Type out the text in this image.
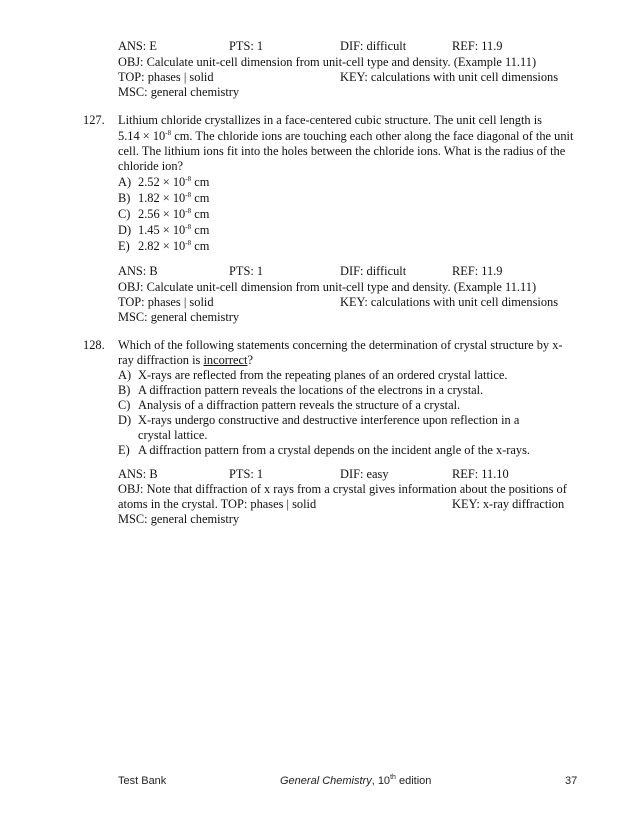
ANS: E	PTS: 1	DIF: difficult	REF: 11.9
OBJ: Calculate unit-cell dimension from unit-cell type and density. (Example 11.11)
TOP: phases | solid	KEY: calculations with unit cell dimensions
MSC: general chemistry
127. Lithium chloride crystallizes in a face-centered cubic structure. The unit cell length is
$5.14 \times 10^{-8}$ cm. The chloride ions are touching each other along the face diagonal of the unit
cell. The lithium ions fit into the holes between the chloride ions. What is the radius of the
chloride ion?
A) $2.52 \times 10^{-8}$ cm
B) $1.82 \times 10^{-8}$ cm
C) $2.56 \times 10^{-8}$ cm
D) $1.45 \times 10^{-8}$ cm
E) $2.82 \times 10^{-8}$ cm
ANS: B	PTS: 1	DIF: difficult	REF: 11.9
OBJ: Calculate unit-cell dimension from unit-cell type and density. (Example 11.11)
TOP: phases | solid	KEY: calculations with unit cell dimensions
MSC: general chemistry
128. Which of the following statements concerning the determination of crystal structure by x-
ray diffraction is incorrect?
A) X-rays are reflected from the repeating planes of an ordered crystal lattice.
B) A diffraction pattern reveals the locations of the electrons in a crystal.
C) Analysis of a diffraction pattern reveals the structure of a crystal.
D) X-rays undergo constructive and destructive interference upon reflection in a
crystal lattice.
E) A diffraction pattern from a crystal depends on the incident angle of the x-rays.
ANS: B	PTS: 1	DIF: easy	REF: 11.10
OBJ: Note that diffraction of x rays from a crystal gives information about the positions of
atoms in the crystal. TOP: phases | solid	KEY: x-ray diffraction
MSC: general chemistry
Test Bank	General Chemistry, 10th edition	37
